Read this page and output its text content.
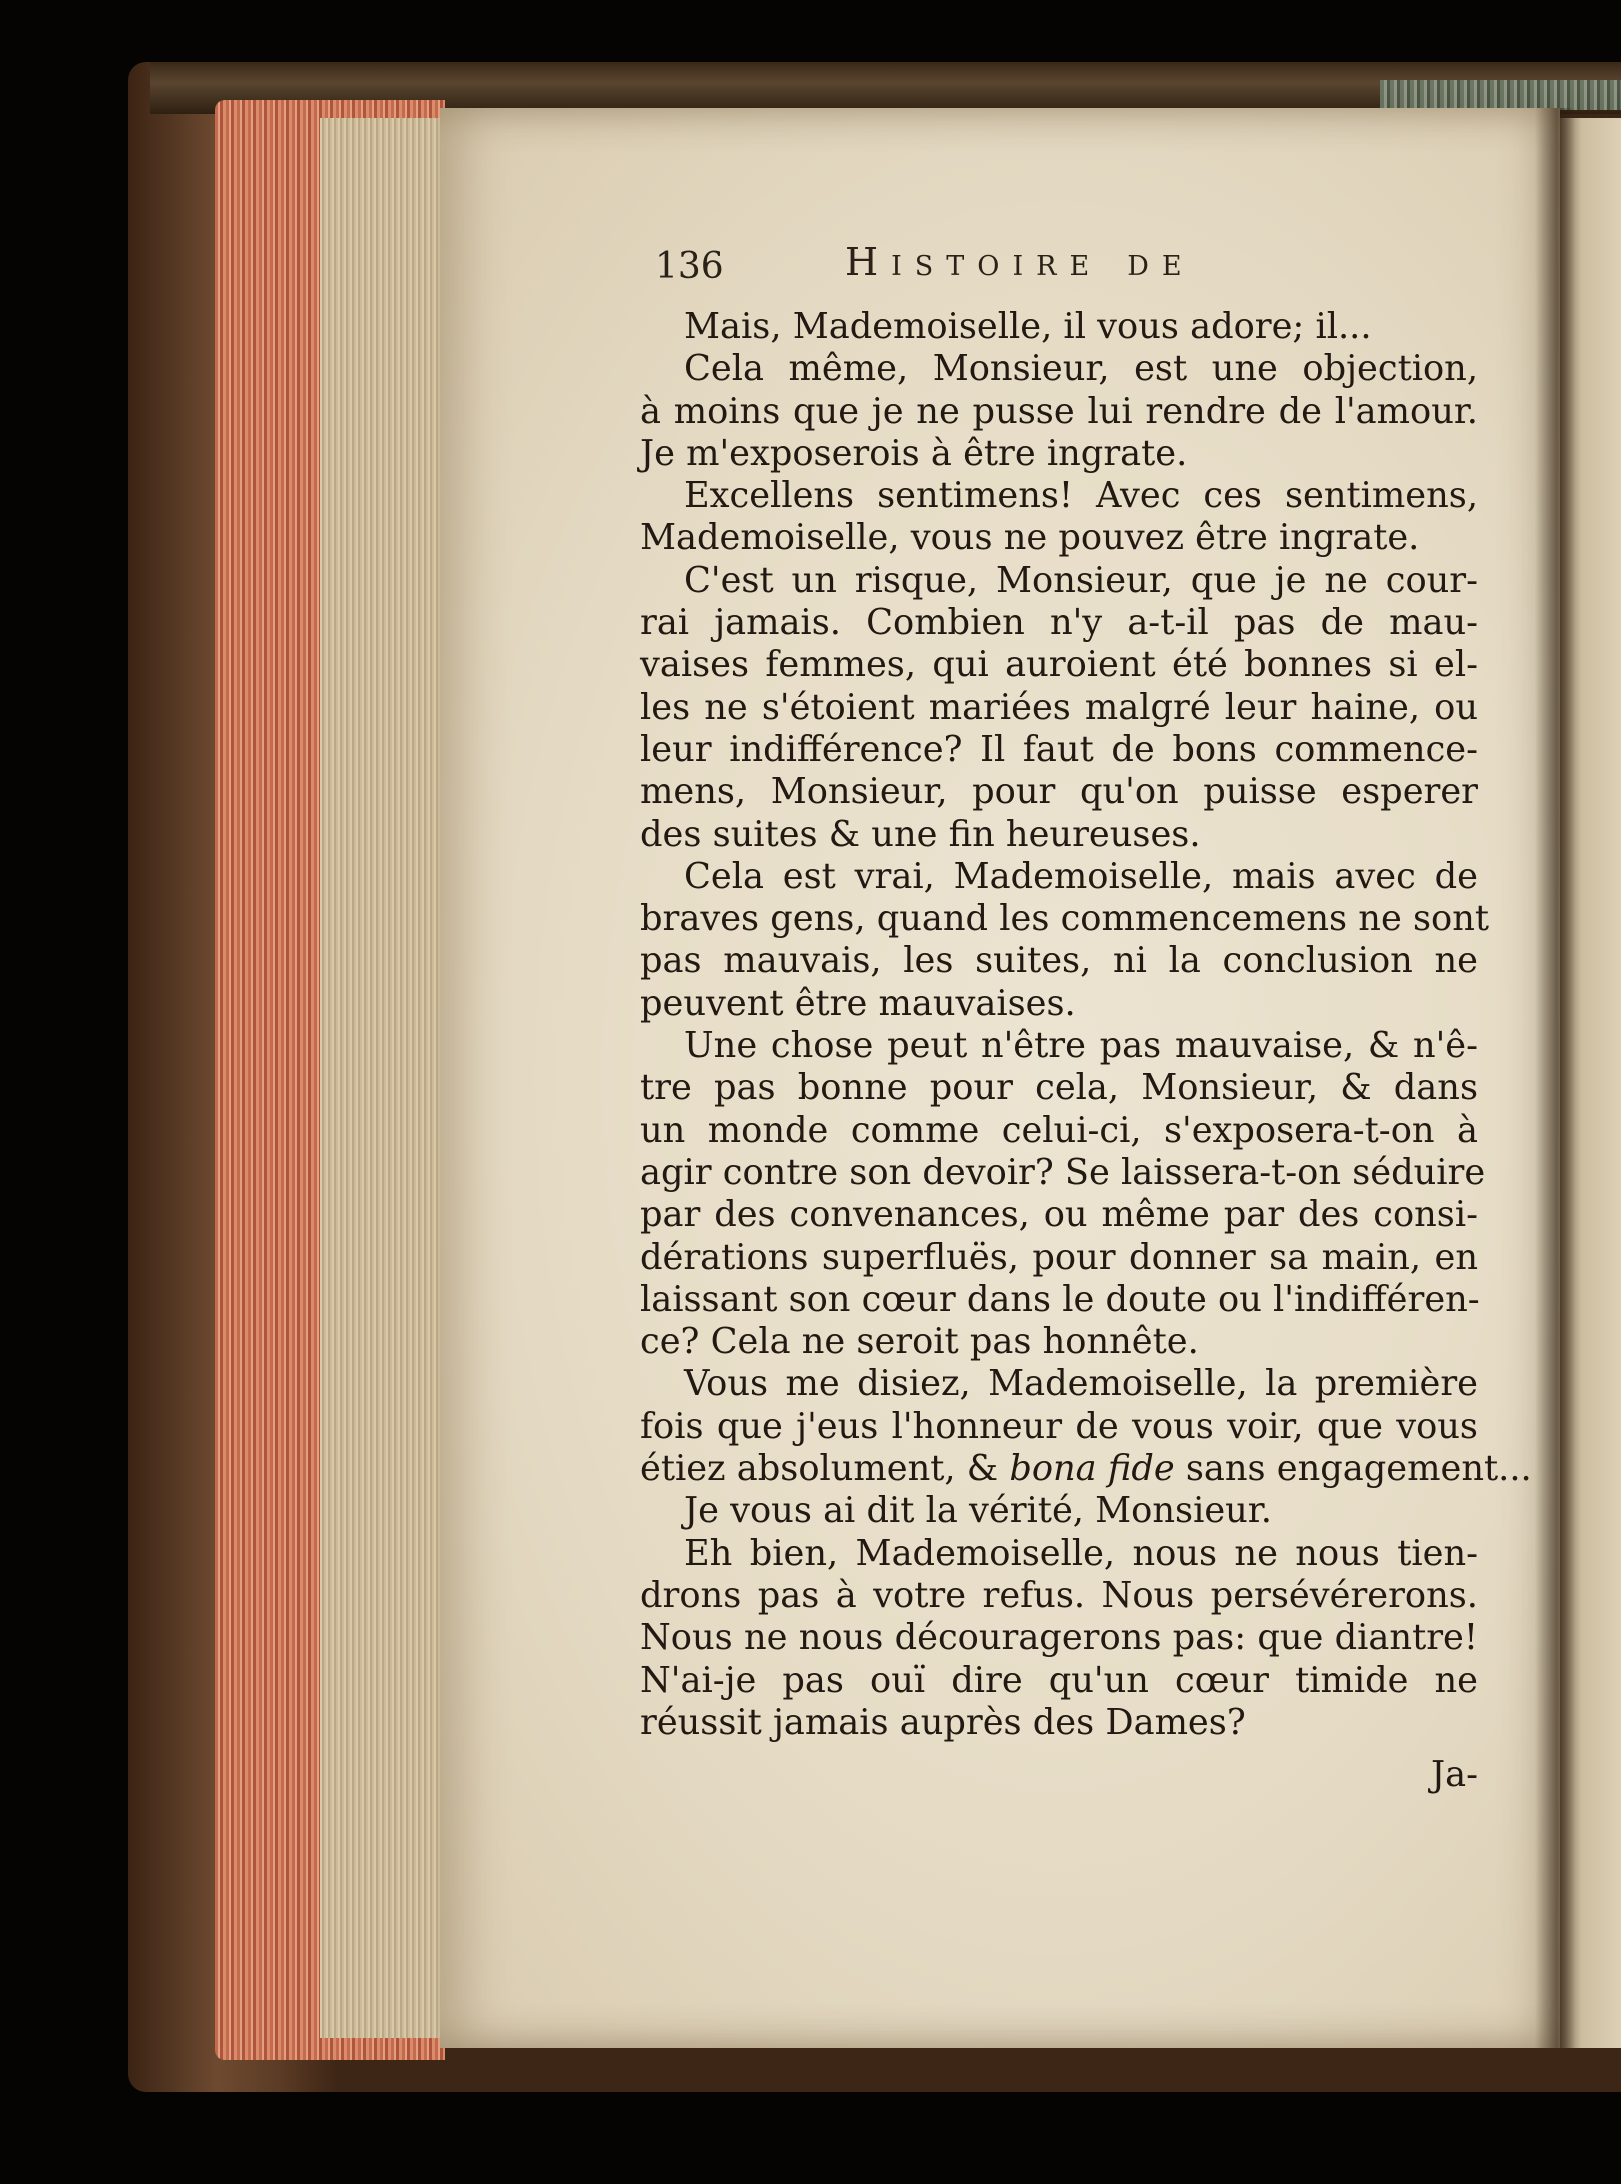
136	Histoire de
Mais, Mademoiselle, il vous adore; il...
Cela même, Monsieur, est une objection,
à moins que je ne pusse lui rendre de l'amour.
Je m'exposerois à être ingrate.
Excellens sentimens! Avec ces sentimens,
Mademoiselle, vous ne pouvez être ingrate.
C'est un risque, Monsieur, que je ne cour-
rai jamais. Combien n'y a-t-il pas de mau-
vaises femmes, qui auroient été bonnes si el-
les ne s'étoient mariées malgré leur haine, ou
leur indifférence? Il faut de bons commence-
mens, Monsieur, pour qu'on puisse esperer
des suites & une fin heureuses.
Cela est vrai, Mademoiselle, mais avec de
braves gens, quand les commencemens ne sont
pas mauvais, les suites, ni la conclusion ne
peuvent être mauvaises.
Une chose peut n'être pas mauvaise, & n'ê-
tre pas bonne pour cela, Monsieur, & dans
un monde comme celui-ci, s'exposera-t-on à
agir contre son devoir? Se laissera-t-on séduire
par des convenances, ou même par des consi-
dérations superfluës, pour donner sa main, en
laissant son cœur dans le doute ou l'indifféren-
ce? Cela ne seroit pas honnête.
Vous me disiez, Mademoiselle, la première
fois que j'eus l'honneur de vous voir, que vous
étiez absolument, & bona fide sans engagement...
Je vous ai dit la vérité, Monsieur.
Eh bien, Mademoiselle, nous ne nous tien-
drons pas à votre refus. Nous persévérerons.
Nous ne nous découragerons pas: que diantre!
N'ai-je pas ouï dire qu'un cœur timide ne
réussit jamais auprès des Dames?
Ja-
